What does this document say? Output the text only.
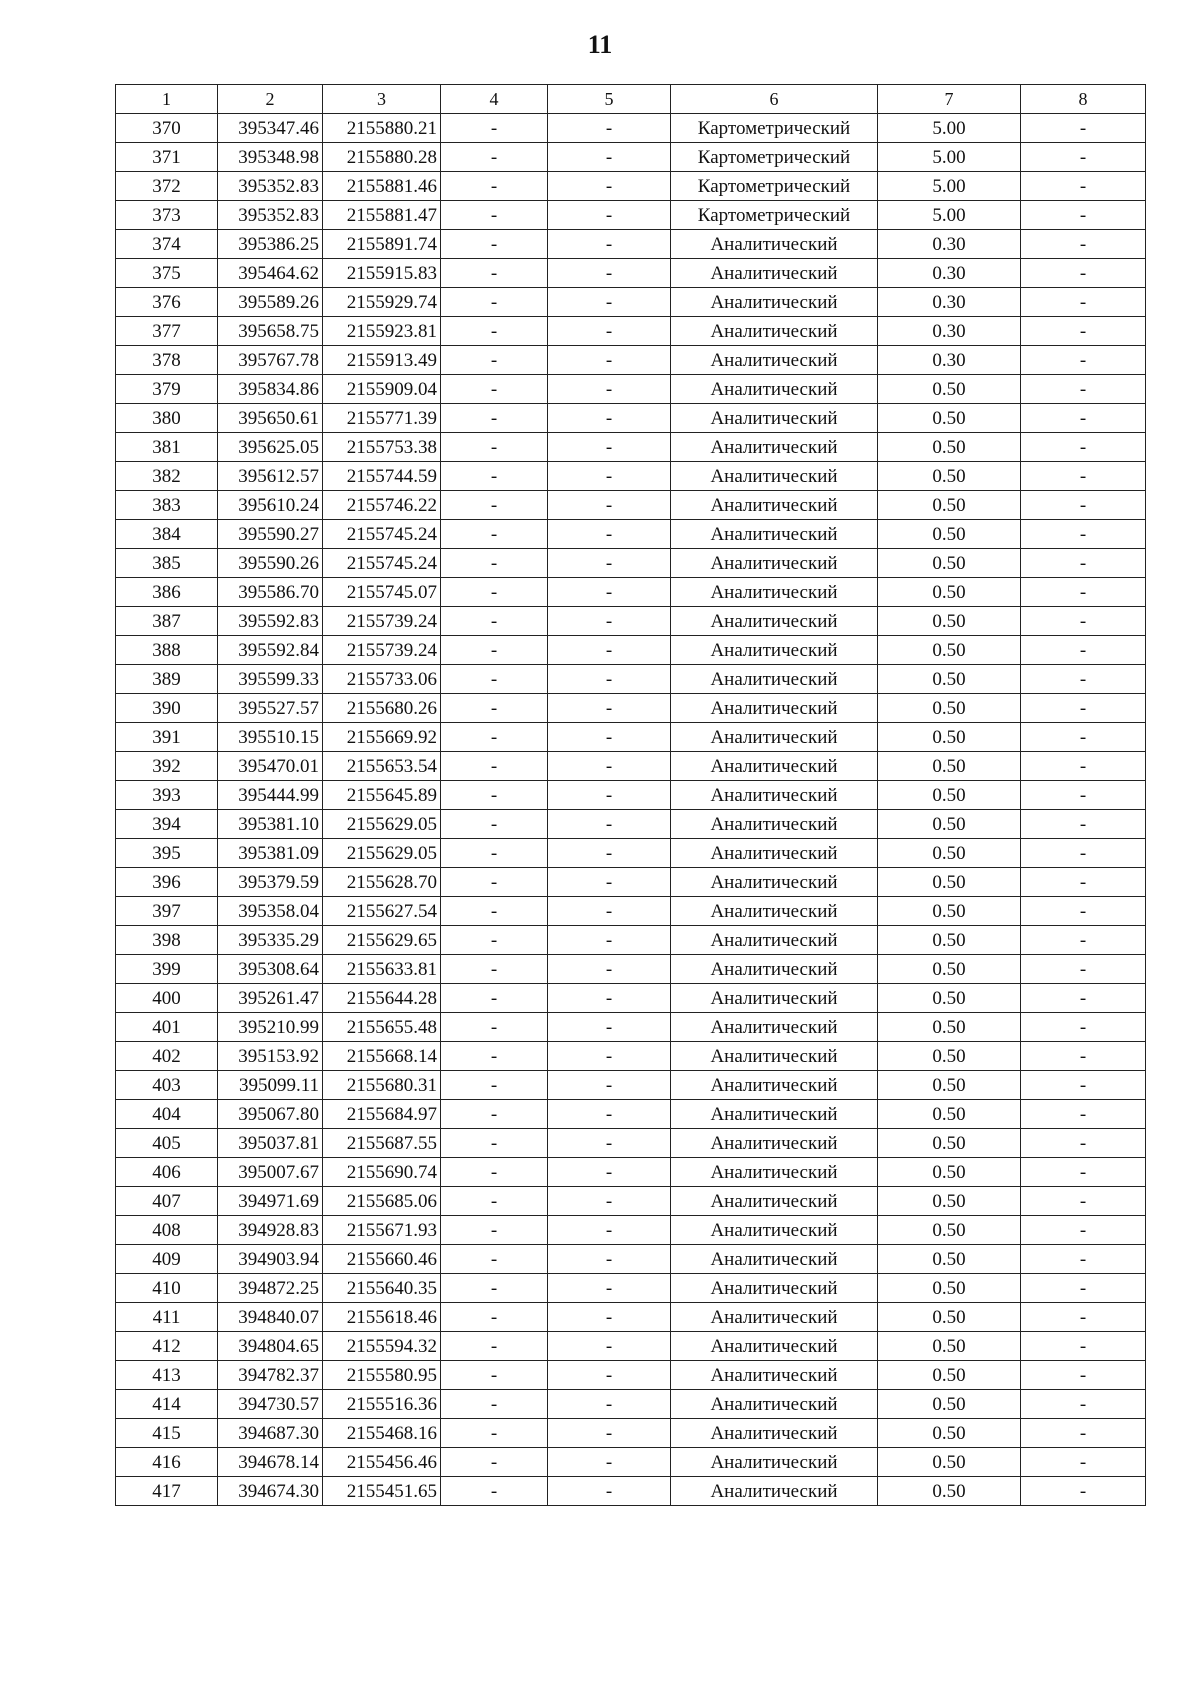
11
1	2	3	4	5	6	7	8
370	395347.46	2155880.21	-	-	Картометрический	5.00	-
371	395348.98	2155880.28	-	-	Картометрический	5.00	-
372	395352.83	2155881.46	-	-	Картометрический	5.00	-
373	395352.83	2155881.47	-	-	Картометрический	5.00	-
374	395386.25	2155891.74	-	-	Аналитический	0.30	-
375	395464.62	2155915.83	-	-	Аналитический	0.30	-
376	395589.26	2155929.74	-	-	Аналитический	0.30	-
377	395658.75	2155923.81	-	-	Аналитический	0.30	-
378	395767.78	2155913.49	-	-	Аналитический	0.30	-
379	395834.86	2155909.04	-	-	Аналитический	0.50	-
380	395650.61	2155771.39	-	-	Аналитический	0.50	-
381	395625.05	2155753.38	-	-	Аналитический	0.50	-
382	395612.57	2155744.59	-	-	Аналитический	0.50	-
383	395610.24	2155746.22	-	-	Аналитический	0.50	-
384	395590.27	2155745.24	-	-	Аналитический	0.50	-
385	395590.26	2155745.24	-	-	Аналитический	0.50	-
386	395586.70	2155745.07	-	-	Аналитический	0.50	-
387	395592.83	2155739.24	-	-	Аналитический	0.50	-
388	395592.84	2155739.24	-	-	Аналитический	0.50	-
389	395599.33	2155733.06	-	-	Аналитический	0.50	-
390	395527.57	2155680.26	-	-	Аналитический	0.50	-
391	395510.15	2155669.92	-	-	Аналитический	0.50	-
392	395470.01	2155653.54	-	-	Аналитический	0.50	-
393	395444.99	2155645.89	-	-	Аналитический	0.50	-
394	395381.10	2155629.05	-	-	Аналитический	0.50	-
395	395381.09	2155629.05	-	-	Аналитический	0.50	-
396	395379.59	2155628.70	-	-	Аналитический	0.50	-
397	395358.04	2155627.54	-	-	Аналитический	0.50	-
398	395335.29	2155629.65	-	-	Аналитический	0.50	-
399	395308.64	2155633.81	-	-	Аналитический	0.50	-
400	395261.47	2155644.28	-	-	Аналитический	0.50	-
401	395210.99	2155655.48	-	-	Аналитический	0.50	-
402	395153.92	2155668.14	-	-	Аналитический	0.50	-
403	395099.11	2155680.31	-	-	Аналитический	0.50	-
404	395067.80	2155684.97	-	-	Аналитический	0.50	-
405	395037.81	2155687.55	-	-	Аналитический	0.50	-
406	395007.67	2155690.74	-	-	Аналитический	0.50	-
407	394971.69	2155685.06	-	-	Аналитический	0.50	-
408	394928.83	2155671.93	-	-	Аналитический	0.50	-
409	394903.94	2155660.46	-	-	Аналитический	0.50	-
410	394872.25	2155640.35	-	-	Аналитический	0.50	-
411	394840.07	2155618.46	-	-	Аналитический	0.50	-
412	394804.65	2155594.32	-	-	Аналитический	0.50	-
413	394782.37	2155580.95	-	-	Аналитический	0.50	-
414	394730.57	2155516.36	-	-	Аналитический	0.50	-
415	394687.30	2155468.16	-	-	Аналитический	0.50	-
416	394678.14	2155456.46	-	-	Аналитический	0.50	-
417	394674.30	2155451.65	-	-	Аналитический	0.50	-
